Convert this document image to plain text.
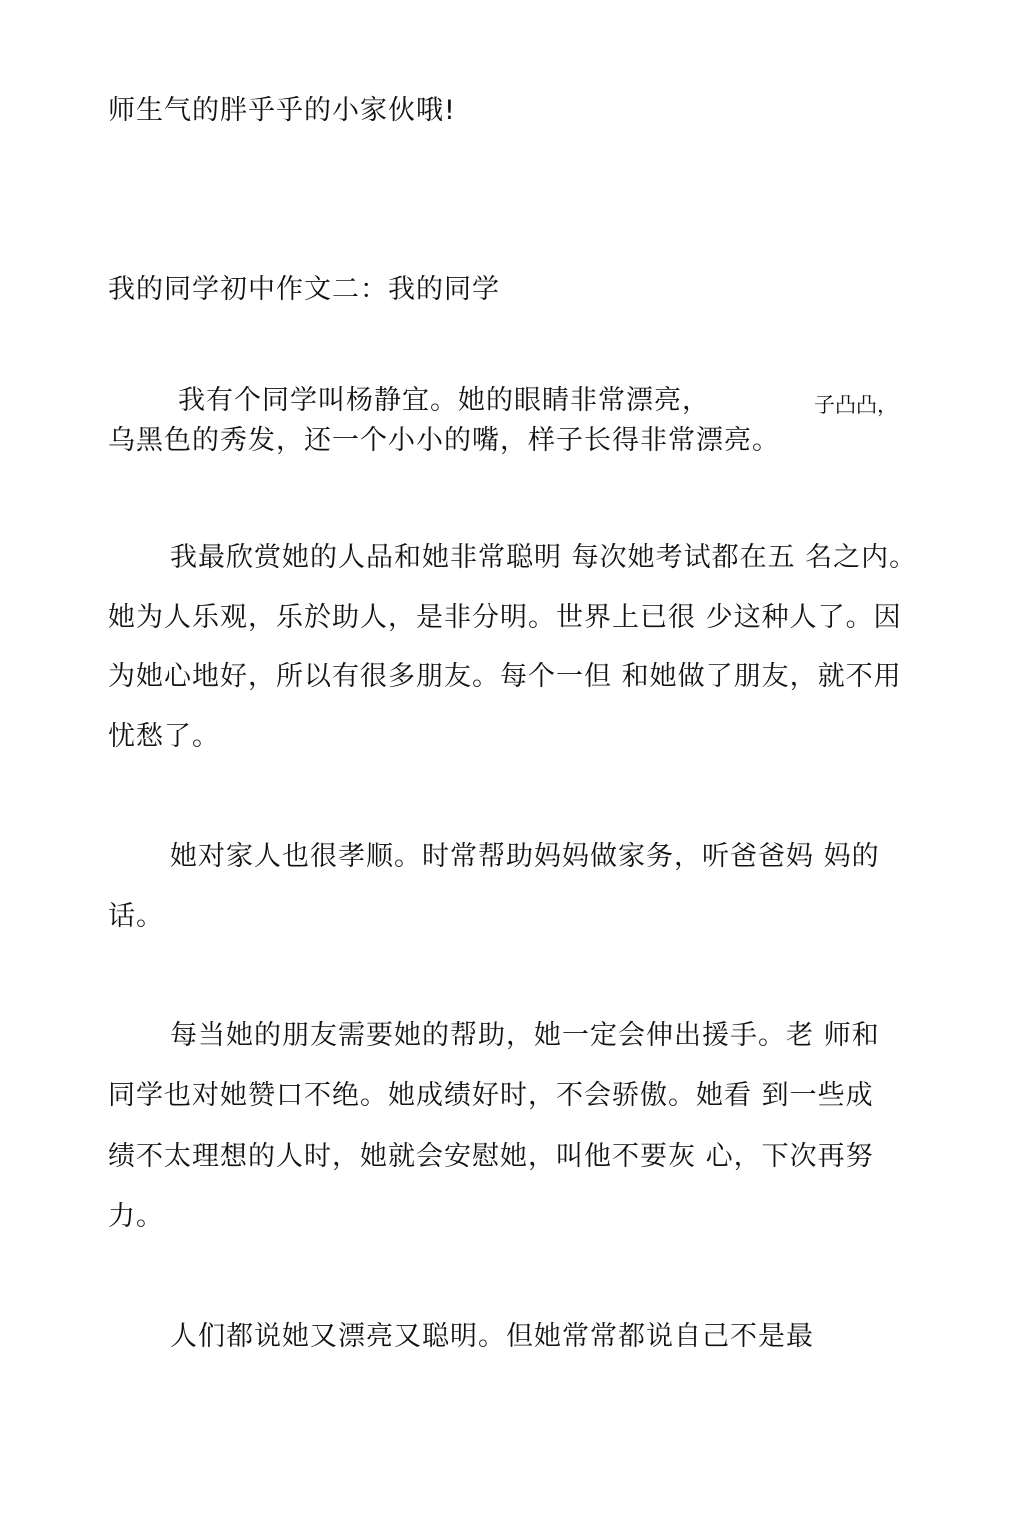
师生气的胖乎乎的小家伙哦!

我的同学初中作文二：我的同学

我有个同学叫杨静宜。她的眼睛非常漂亮，	子凸凸，

乌黑色的秀发，还一个小小的嘴，样子长得非常漂亮。

我最欣赏她的人品和她非常聪明 每次她考试都在五 名之内。

她为人乐观，乐於助人，是非分明。世界上已很 少这种人了。因

为她心地好，所以有很多朋友。每个一但 和她做了朋友，就不用

忧愁了。

她对家人也很孝顺。时常帮助妈妈做家务，听爸爸妈 妈的

话。

每当她的朋友需要她的帮助，她一定会伸出援手。老 师和

同学也对她赞口不绝。她成绩好时，不会骄傲。她看 到一些成

绩不太理想的人时，她就会安慰她，叫他不要灰 心，下次再努

力。

人们都说她又漂亮又聪明。但她常常都说自己不是最
